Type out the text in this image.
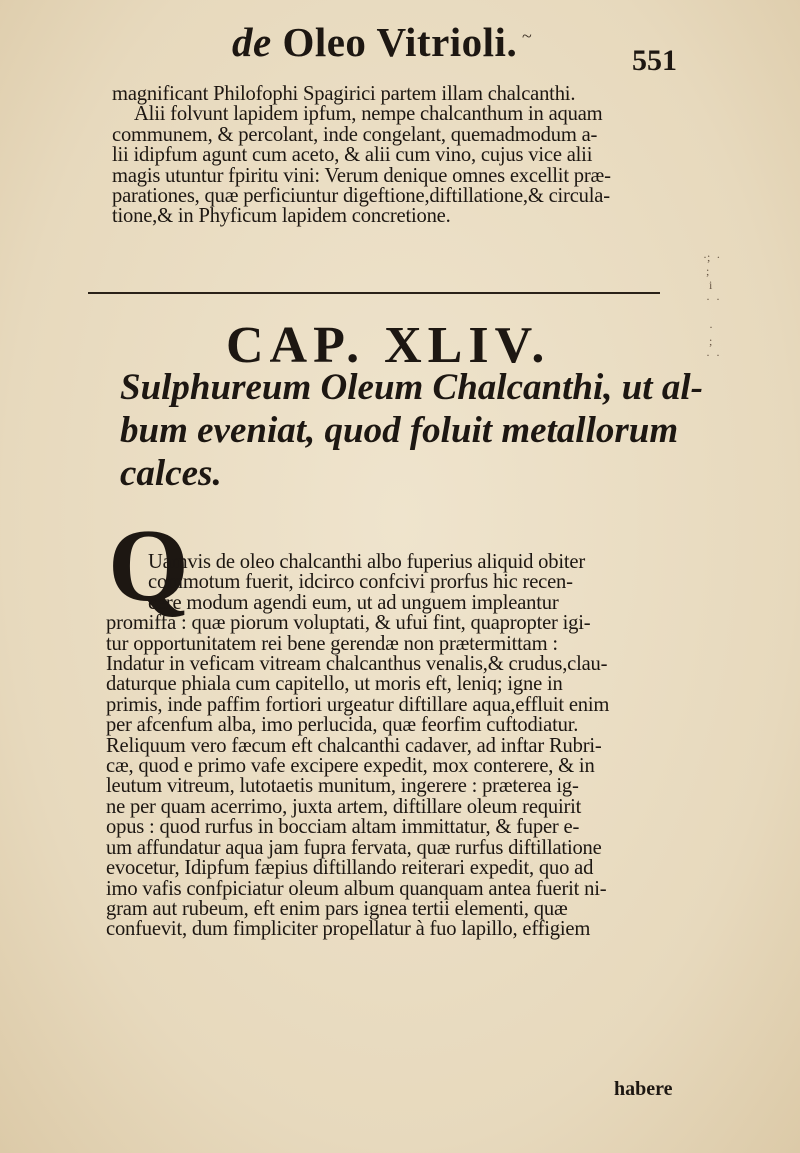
de Oleo Vitrioli. ~
551

magnificant Philofophi Spagirici partem illam chalcanthi.

Alii folvunt lapidem ipfum, nempe chalcanthum in aquam

communem, & percolant, inde congelant, quemadmodum a-

lii idipfum agunt cum aceto, & alii cum vino, cujus vice alii

magis utuntur fpiritu vini: Verum denique omnes excellit præ-

parationes, quæ perficiuntur digeftione,diftillatione,& circula-

tione,& in Phyficum lapidem concretione.

CAP. XLIV.

Sulphureum Oleum Chalcanthi, ut al-

bum eveniat, quod foluit metallorum

calces.

Q

Uamvis de oleo chalcanthi albo fuperius aliquid obiter

commotum fuerit, idcirco confcivi prorfus hic recen-

cere modum agendi eum, ut ad unguem impleantur

promiffa : quæ piorum voluptati, & ufui fint, quapropter igi-

tur opportunitatem rei bene gerendæ non prætermittam :

Indatur in veficam vitream chalcanthus venalis,& crudus,clau-

daturque phiala cum capitello, ut moris eft, leniq; igne in

primis, inde paffim fortiori urgeatur diftillare aqua,effluit enim

per afcenfum alba, imo perlucida, quæ feorfim cuftodiatur.

Reliquum vero fæcum eft chalcanthi cadaver, ad inftar Rubri-

cæ, quod e primo vafe excipere expedit, mox conterere, & in

leutum vitreum, lutotaetis munitum, ingerere : præterea ig-

ne per quam acerrimo, juxta artem, diftillare oleum requirit

opus : quod rurfus in bocciam altam immittatur, & fuper e-

um affundatur aqua jam fupra fervata, quæ rurfus diftillatione

evocetur, Idipfum fæpius diftillando reiterari expedit, quo ad

imo vafis confpiciatur oleum album quanquam antea fuerit ni-

gram aut rubeum, eft enim pars ignea tertii elementi, quæ

confuevit, dum fimpliciter propellatur à fuo lapillo, effigiem

habere
·;  ·
;
i
·  ·

·
;
·  ·
